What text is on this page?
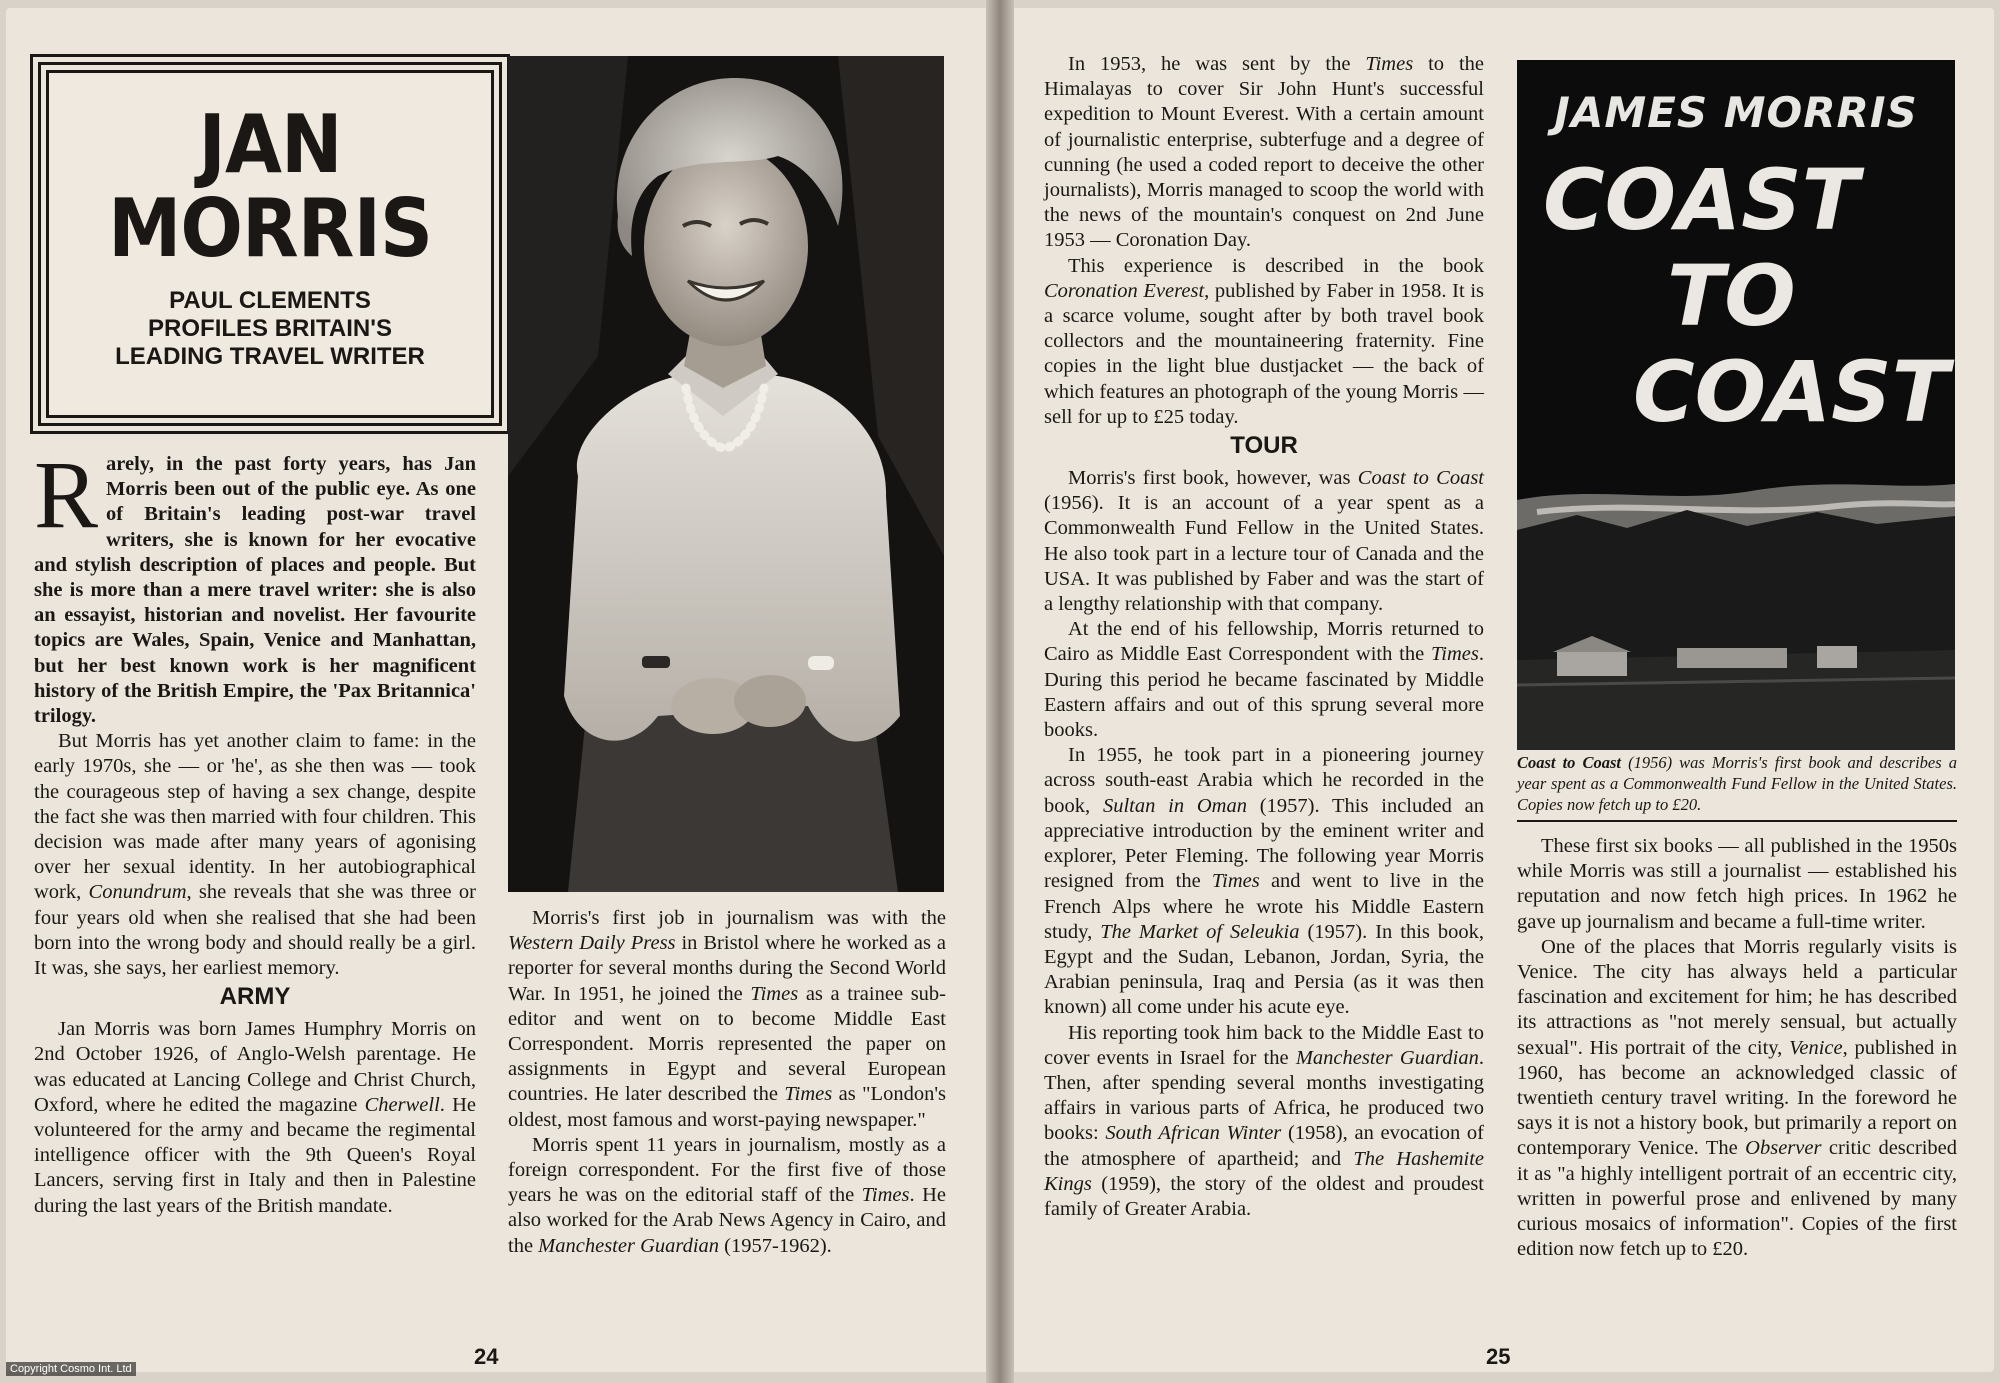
JAN
MORRIS
PAUL CLEMENTS
PROFILES BRITAIN'S
LEADING TRAVEL WRITER

Rarely, in the past forty years, has Jan Morris been out of the public eye. As one of Britain's leading post-war travel writers, she is known for her evocative and stylish description of places and people. But she is more than a mere travel writer: she is also an essayist, historian and novelist. Her favourite topics are Wales, Spain, Venice and Manhattan, but her best known work is her magnificent history of the British Empire, the 'Pax Britannica' trilogy.

But Morris has yet another claim to fame: in the early 1970s, she — or 'he', as she then was — took the courageous step of having a sex change, despite the fact she was then married with four children. This decision was made after many years of agonising over her sexual identity. In her autobiographical work, Conundrum, she reveals that she was three or four years old when she realised that she had been born into the wrong body and should really be a girl. It was, she says, her earliest memory.

ARMY

Jan Morris was born James Humphry Morris on 2nd October 1926, of Anglo-Welsh parentage. He was educated at Lancing College and Christ Church, Oxford, where he edited the magazine Cherwell. He volunteered for the army and became the regimental intelligence officer with the 9th Queen's Royal Lancers, serving first in Italy and then in Palestine during the last years of the British mandate.

Morris's first job in journalism was with the Western Daily Press in Bristol where he worked as a reporter for several months during the Second World War. In 1951, he joined the Times as a trainee sub-editor and went on to become Middle East Correspondent. Morris represented the paper on assignments in Egypt and several European countries. He later described the Times as "London's oldest, most famous and worst-paying newspaper."

Morris spent 11 years in journalism, mostly as a foreign correspondent. For the first five of those years he was on the editorial staff of the Times. He also worked for the Arab News Agency in Cairo, and the Manchester Guardian (1957-1962).

24

In 1953, he was sent by the Times to the Himalayas to cover Sir John Hunt's successful expedition to Mount Everest. With a certain amount of journalistic enterprise, subterfuge and a degree of cunning (he used a coded report to deceive the other journalists), Morris managed to scoop the world with the news of the mountain's conquest on 2nd June 1953 — Coronation Day.

This experience is described in the book Coronation Everest, published by Faber in 1958. It is a scarce volume, sought after by both travel book collectors and the mountaineering fraternity. Fine copies in the light blue dustjacket — the back of which features an photograph of the young Morris — sell for up to £25 today.

TOUR

Morris's first book, however, was Coast to Coast (1956). It is an account of a year spent as a Commonwealth Fund Fellow in the United States. He also took part in a lecture tour of Canada and the USA. It was published by Faber and was the start of a lengthy relationship with that company.

At the end of his fellowship, Morris returned to Cairo as Middle East Correspondent with the Times. During this period he became fascinated by Middle Eastern affairs and out of this sprung several more books.

In 1955, he took part in a pioneering journey across south-east Arabia which he recorded in the book, Sultan in Oman (1957). This included an appreciative introduction by the eminent writer and explorer, Peter Fleming. The following year Morris resigned from the Times and went to live in the French Alps where he wrote his Middle Eastern study, The Market of Seleukia (1957). In this book, Egypt and the Sudan, Lebanon, Jordan, Syria, the Arabian peninsula, Iraq and Persia (as it was then known) all come under his acute eye.

His reporting took him back to the Middle East to cover events in Israel for the Manchester Guardian. Then, after spending several months investigating affairs in various parts of Africa, he produced two books: South African Winter (1958), an evocation of the atmosphere of apartheid; and The Hashemite Kings (1959), the story of the oldest and proudest family of Greater Arabia.

JAMES MORRIS
COAST
TO
COAST
Coast to Coast (1956) was Morris's first book and describes a year spent as a Commonwealth Fund Fellow in the United States. Copies now fetch up to £20.

These first six books — all published in the 1950s while Morris was still a journalist — established his reputation and now fetch high prices. In 1962 he gave up journalism and became a full-time writer.

One of the places that Morris regularly visits is Venice. The city has always held a particular fascination and excitement for him; he has described its attractions as "not merely sensual, but actually sexual". His portrait of the city, Venice, published in 1960, has become an acknowledged classic of twentieth century travel writing. In the foreword he says it is not a history book, but primarily a report on contemporary Venice. The Observer critic described it as "a highly intelligent portrait of an eccentric city, written in powerful prose and enlivened by many curious mosaics of information". Copies of the first edition now fetch up to £20.

25
Copyright Cosmo Int. Ltd
